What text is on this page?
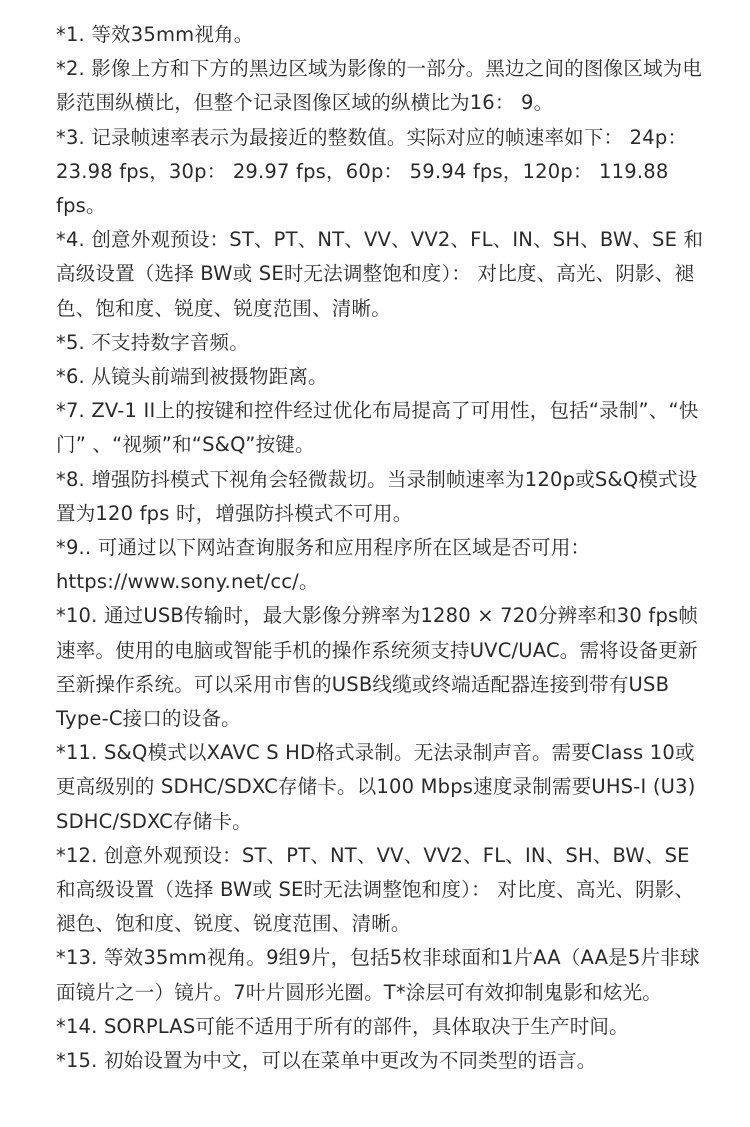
*1. 等效35mm视角。
*2. 影像上方和下方的黑边区域为影像的一部分。黑边之间的图像区域为电影范围纵横比，但整个记录图像区域的纵横比为16： 9。
*3. 记录帧速率表示为最接近的整数值。实际对应的帧速率如下： 24p： 23.98 fps，30p： 29.97 fps，60p： 59.94 fps，120p： 119.88 fps。
*4. 创意外观预设：ST、PT、NT、VV、VV2、FL、IN、SH、BW、SE 和高级设置（选择 BW或 SE时无法调整饱和度）： 对比度、高光、阴影、褪色、饱和度、锐度、锐度范围、清晰。
*5. 不支持数字音频。
*6. 从镜头前端到被摄物距离。
*7. ZV-1 II上的按键和控件经过优化布局提高了可用性，包括“录制”、“快门” 、“视频”和“S&Q”按键。
*8. 增强防抖模式下视角会轻微裁切。当录制帧速率为120p或S&Q模式设置为120 fps 时，增强防抖模式不可用。
*9.. 可通过以下网站查询服务和应用程序所在区域是否可用：https://www.sony.net/cc/。
*10. 通过USB传输时，最大影像分辨率为1280 × 720分辨率和30 fps帧速率。使用的电脑或智能手机的操作系统须支持UVC/UAC。需将设备更新至新操作系统。可以采用市售的USB线缆或终端适配器连接到带有USB Type-C接口的设备。
*11. S&Q模式以XAVC S HD格式录制。无法录制声音。需要Class 10或更高级别的 SDHC/SDXC存储卡。以100 Mbps速度录制需要UHS-I (U3) SDHC/SDXC存储卡。
*12. 创意外观预设：ST、PT、NT、VV、VV2、FL、IN、SH、BW、SE 和高级设置（选择 BW或 SE时无法调整饱和度）： 对比度、高光、阴影、褪色、饱和度、锐度、锐度范围、清晰。
*13. 等效35mm视角。9组9片，包括5枚非球面和1片AA（AA是5片非球面镜片之一）镜片。7叶片圆形光圈。T*涂层可有效抑制鬼影和炫光。
*14. SORPLAS可能不适用于所有的部件，具体取决于生产时间。
*15. 初始设置为中文，可以在菜单中更改为不同类型的语言。
